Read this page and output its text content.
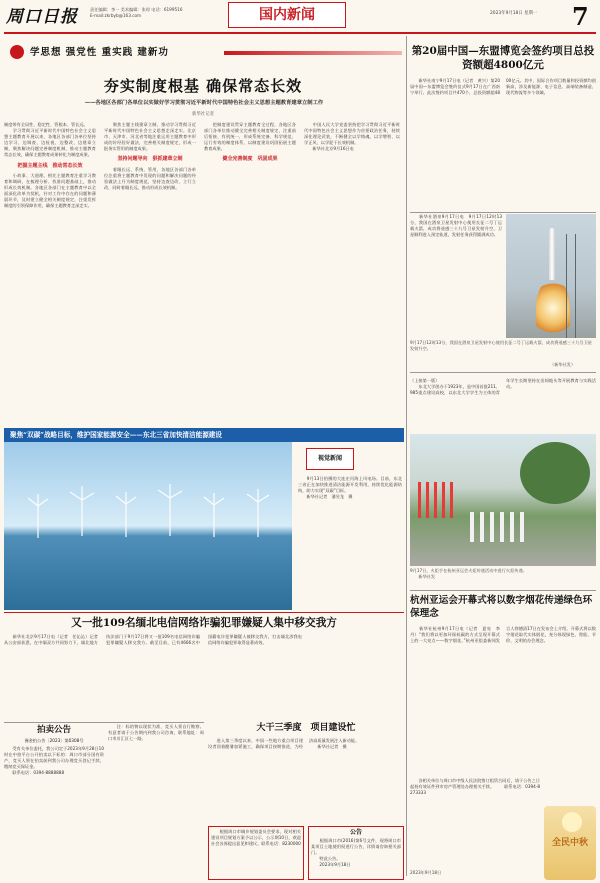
周口日报	责任编辑：李一 美术编辑：张琼 电话：6199516
E-mail:zkrbyb@163.com	国内新闻	2023年9月18日 星期一 7
学思想 强党性 重实践 建新功
夯实制度根基 确保常态长效
——各地区各部门各单位以实做好学习贯彻习近平新时代中国特色社会主义思想主题教育建章立制工作
新华社记者
制度带有全局性、稳定性、管根本、管长远。
　　学习贯彻习近平新时代中国特色社会主义思想主题教育开展以来，各地区各部门各单位坚持边学习、边调查、边检视、边整改，边建章立制，聚焦解决问题完善制度机制，推动主题教育常态长效，确保主题教育成果转化为制度成果。
把握主题主线　推动常态长效
　　小故事、大道理。相比主题教育注重学习教育和调研，在梳理分析、找准问题基础上，推动形成长效机制。各地区各部门在主题教育中以全面深化改革为契机，针对工作中存在的问题和薄弱环节，及时建立健全相关制度规定，注重发挥制度的引领保障作用，确保主题教育走深走实。
　　聚焦主题主线建章立制，推动学习贯彻习近平新时代中国特色社会主义思想走深走实。北京市、天津市、河北省等地注重运用主题教育中形成的好经验好做法，完善相关制度规定，形成一批务实管用的制度成果。
坚持问题导向　狠抓建章立制
　　着眼长远、系统、管用，各地区各部门各单位注重将主题教育中发现的问题和解决问题的经验做法上升为制度规范，坚持边查边改、立行立改，同时着眼长远，推动形成长效机制。
　　把制度建设贯穿主题教育全过程，各地区各部门各单位推动健全完善相关制度规定，注重前后衔接、有机统一，形成系统完备、科学规范、运行有效的制度体系，以制度建设巩固拓展主题教育成果。
健全完善制度　巩固成果
　　中国人民大学党委坚持把学习贯彻习近平新时代中国特色社会主义思想作为首要政治任务，持续深化理论武装，不断健全以学铸魂、以学增智、以学正风、以学促干长效机制。
　　新华社北京9月16日电
第20届中国—东盟博览会签约项目总投资额超4800亿元
　　新华社南宁9月17日电（记者　黄兴）第20届中国—东盟博览会签约仪式9月17日在广西南宁举行。此次签约项目共470个，总投资额超4800亿元。其中，国际合作项目数量和投资额均创新高，涉及新能源、电子信息、高端装备制造、现代物流等多个领域。
　　新华社酒泉9月17日电　9月17日12时13分，我国在酒泉卫星发射中心使用长征二号丁运载火箭，成功将遥感三十九号卫星发射升空，卫星顺利进入预定轨道，发射任务获得圆满成功。
9月17日12时13分，我国在酒泉卫星发射中心使用长征二号丁运载火箭，成功将遥感三十九号卫星发射升空。
（新华社发）
（上接第一版）
　　东北大学创办于1923年，是中国首批211、985重点建设高校，以东北大学学生为主体的青年学生长期坚持在田间地头等开展教育与实践活动。
聚焦“双碳”战略目标，维护国家能源安全——东北三省加快清洁能源建设
视觉新闻
　　9月13日拍摄的大连庄河海上风电场。目前，东北三省正在加快推进清洁能源开发利用，持续优化能源结构，助力实现“双碳”目标。
　　新华社记者　潘昱龙　摄
9月17日，火炬手在杭州亚运会火炬传递活动中进行火炬传递。
　　新华社发
又一批109名缅北电信网络诈骗犯罪嫌疑人集中移交我方
　　新华社北京9月17日电（记者　任沁沁）记者从公安部获悉，在中缅双方共同努力下，缅北地方执法部门于9月17日将又一批109名电信网络诈骗犯罪嫌疑人移交我方。截至目前，已有4666名中国籍电诈犯罪嫌疑人被移交我方，打击缅北涉我电信网络诈骗犯罪取得显著成效。
杭州亚运会开幕式将以数字烟花传递绿色环保理念
　　新华社杭州9月17日电（记者　夏亮　李丹）“我们将以更加环保低碳的方式呈现开幕式上的一大亮点——数字烟花。”杭州亚组委新闻发言人徐德清17日在发布会上介绍，开幕式将以数字烟花取代实体烟花，充分体现绿色、智能、节俭、文明的办会理念。
拍卖公告
豫金拍公告〔2023〕第0308号
　　受有关单位委托，我公司定于2023年9月28日10时在中拍平台公开拍卖以下标的：周口市部分国有资产，竞买人须在拍卖前到我公司办理竞买登记手续，缴纳竞买保证金。
　　联系电话：0394-8888888
　　注：标的物以现状为准，竞买人须自行勘察。有意者请于公告期内到我公司咨询，联系地址：周口市川汇区七一路。
大干三季度　项目建设忙
　　进入第三季度以来，中国一些地方重点项目建设者顶着酷暑加紧施工，确保项目按期推进，为经济高质量发展注入新动能。
　　新华社记者　摄
　　根据周口市城乡规划委员会要求，现对相关建设项目规划方案予以公示，公示期10日，欢迎社会各界提出意见和建议。联系电话：8230000
公告
　　根据周口市(2016)第6号文件，现将周口市某项目土地使用权进行公告，详情请咨询相关部门。
　　特此公告。
　　2023年9月18日
　　各相关单位与周口市中级人民法院签订租赁合同后，请于公告之日起持有效证件到市房产管理处办理相关手续。 　　联系电话：0394-8273333
2023年9月18日
全民中秋
